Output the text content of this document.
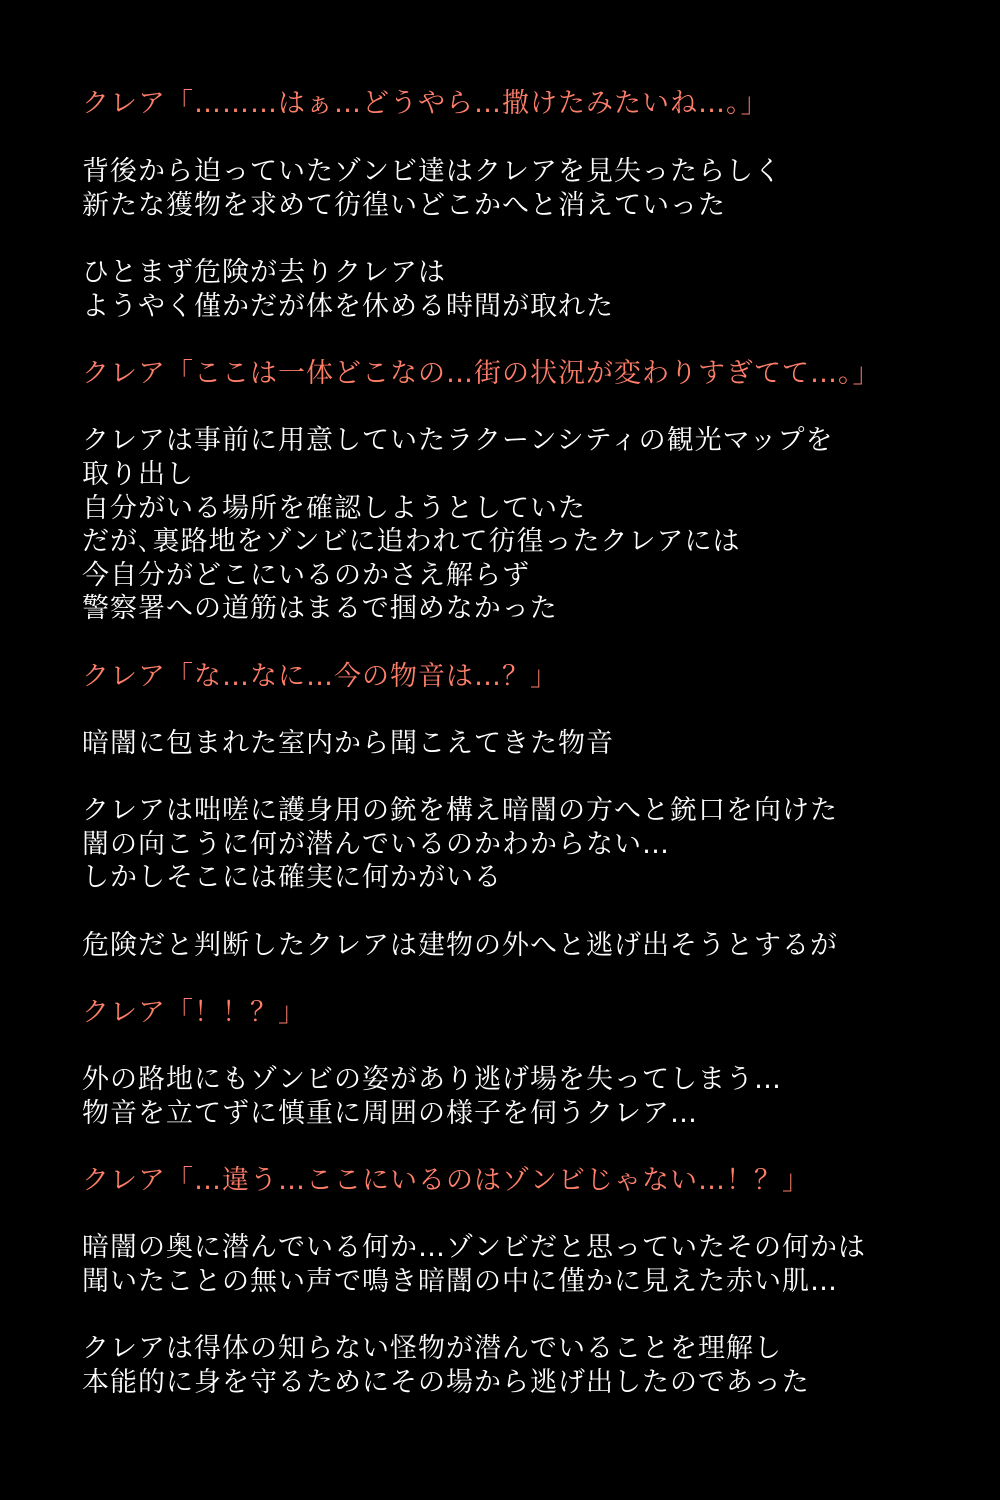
クレア「………はぁ…どうやら…撒けたみたいね…。」
背後から迫っていたゾンビ達はクレアを見失ったらしく
新たな獲物を求めて彷徨いどこかへと消えていった
ひとまず危険が去りクレアは
ようやく僅かだが体を休める時間が取れた
クレア「ここは一体どこなの…街の状況が変わりすぎてて…。」
クレアは事前に用意していたラクーンシティの観光マップを
取り出し
自分がいる場所を確認しようとしていた
だが､裏路地をゾンビに追われて彷徨ったクレアには
今自分がどこにいるのかさえ解らず
警察署への道筋はまるで掴めなかった
クレア「な…なに…今の物音は…？」
暗闇に包まれた室内から聞こえてきた物音
クレアは咄嗟に護身用の銃を構え暗闇の方へと銃口を向けた
闇の向こうに何が潜んでいるのかわからない…
しかしそこには確実に何かがいる
危険だと判断したクレアは建物の外へと逃げ出そうとするが
クレア「！！？」
外の路地にもゾンビの姿があり逃げ場を失ってしまう…
物音を立てずに慎重に周囲の様子を伺うクレア…
クレア「…違う…ここにいるのはゾンビじゃない…！？」
暗闇の奥に潜んでいる何か…ゾンビだと思っていたその何かは
聞いたことの無い声で鳴き暗闇の中に僅かに見えた赤い肌…
クレアは得体の知らない怪物が潜んでいることを理解し
本能的に身を守るためにその場から逃げ出したのであった
